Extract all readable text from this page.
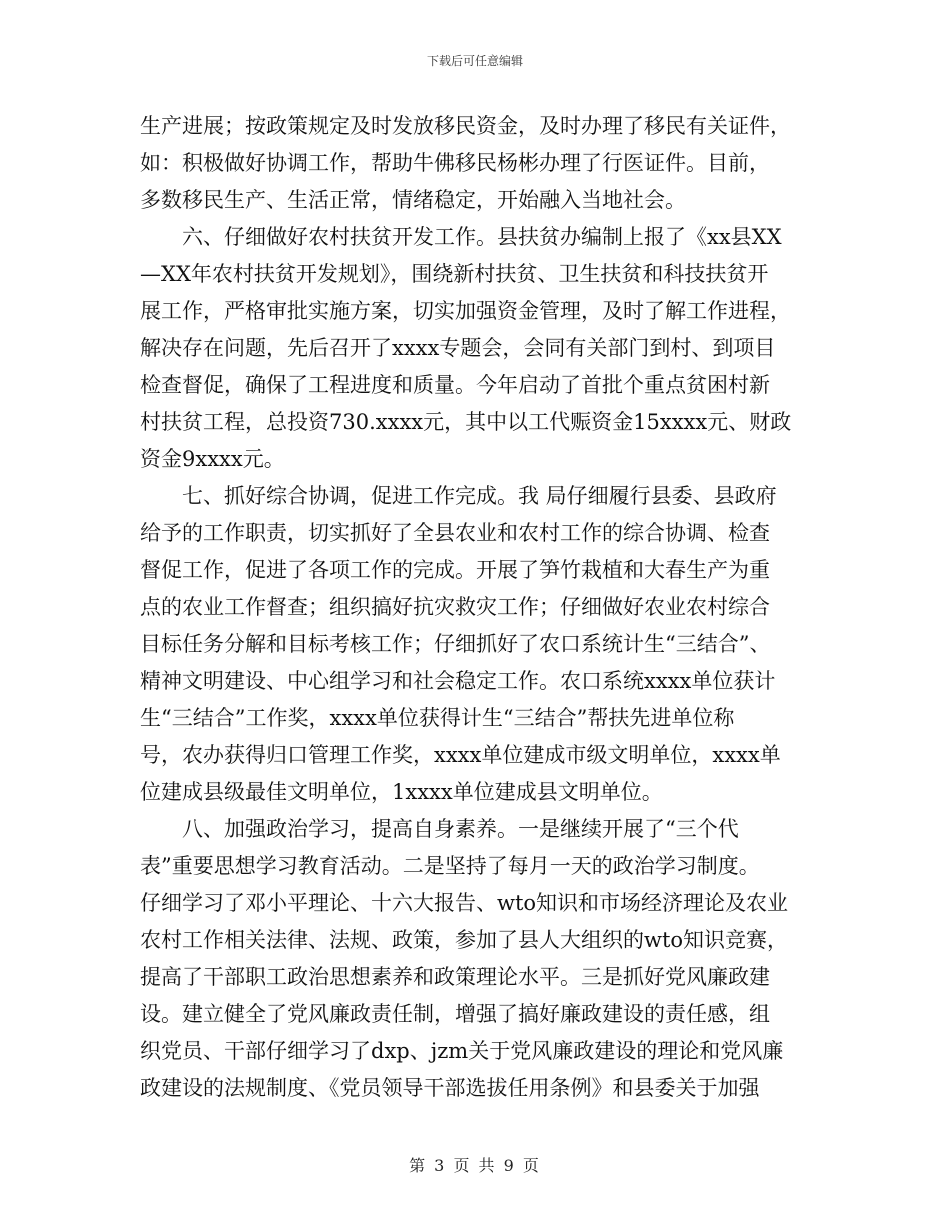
下载后可任意编辑
生产进展；按政策规定及时发放移民资金，及时办理了移民有关证件，
如：积极做好协调工作，帮助牛佛移民杨彬办理了行医证件。目前，
多数移民生产、生活正常，情绪稳定，开始融入当地社会。
六、仔细做好农村扶贫开发工作。县扶贫办编制上报了《xx县XX
—XX年农村扶贫开发规划》，围绕新村扶贫、卫生扶贫和科技扶贫开
展工作，严格审批实施方案，切实加强资金管理，及时了解工作进程，
解决存在问题，先后召开了xxxx专题会，会同有关部门到村、到项目
检查督促，确保了工程进度和质量。今年启动了首批个重点贫困村新
村扶贫工程，总投资730.xxxx元，其中以工代赈资金15xxxx元、财政
资金9xxxx元。
七、抓好综合协调，促进工作完成。我 局仔细履行县委、县政府
给予的工作职责，切实抓好了全县农业和农村工作的综合协调、检查
督促工作，促进了各项工作的完成。开展了笋竹栽植和大春生产为重
点的农业工作督查；组织搞好抗灾救灾工作；仔细做好农业农村综合
目标任务分解和目标考核工作；仔细抓好了农口系统计生“三结合”、
精神文明建设、中心组学习和社会稳定工作。农口系统xxxx单位获计
生“三结合”工作奖，xxxx单位获得计生“三结合”帮扶先进单位称
号，农办获得归口管理工作奖，xxxx单位建成市级文明单位，xxxx单
位建成县级最佳文明单位，1xxxx单位建成县文明单位。
八、加强政治学习，提高自身素养。一是继续开展了“三个代
表”重要思想学习教育活动。二是坚持了每月一天的政治学习制度。
仔细学习了邓小平理论、十六大报告、wto知识和市场经济理论及农业
农村工作相关法律、法规、政策，参加了县人大组织的wto知识竞赛，
提高了干部职工政治思想素养和政策理论水平。三是抓好党风廉政建
设。建立健全了党风廉政责任制，增强了搞好廉政建设的责任感，组
织党员、干部仔细学习了dxp、jzm关于党风廉政建设的理论和党风廉
政建设的法规制度、《党员领导干部选拔任用条例》和县委关于加强
第 3 页 共 9 页
